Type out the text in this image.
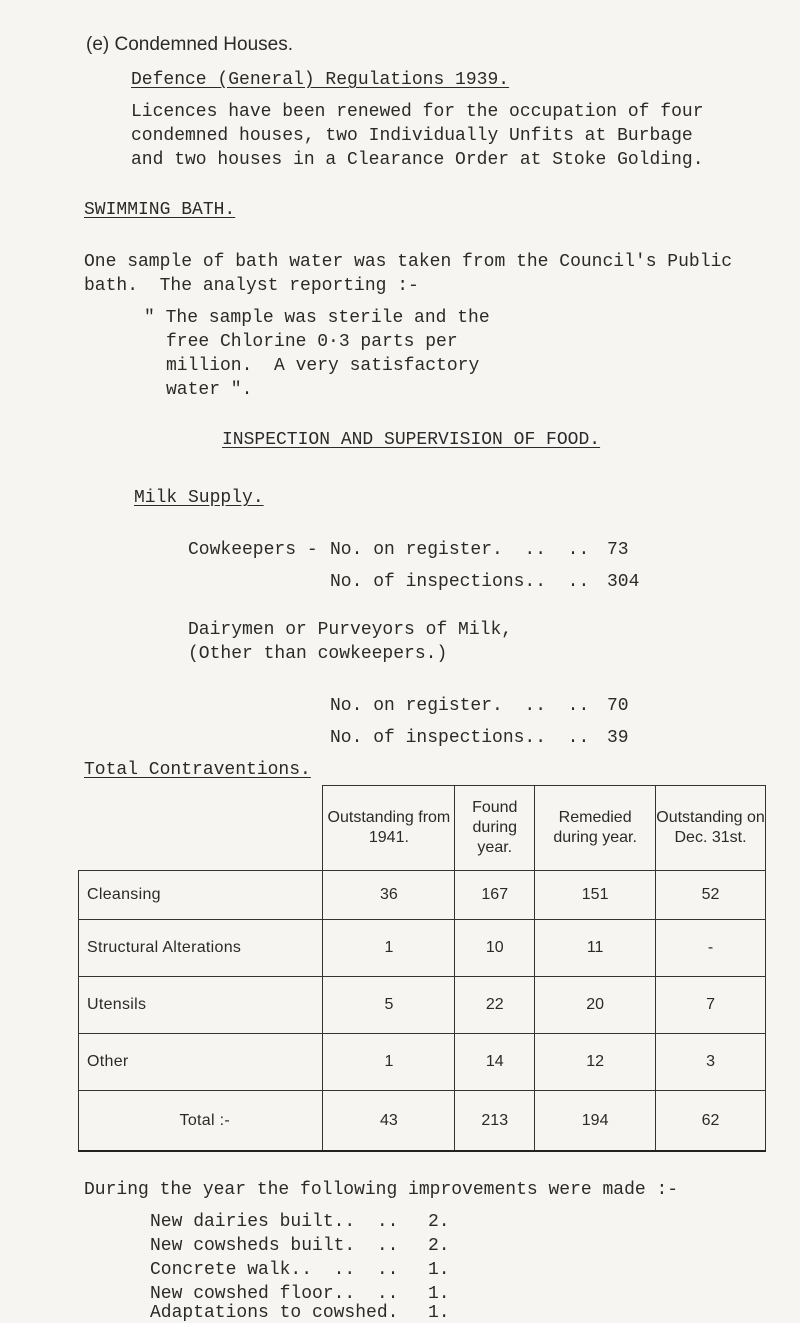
(e) Condemned Houses.
Defence (General) Regulations 1939.
Licences have been renewed for the occupation of four
condemned houses, two Individually Unfits at Burbage
and two houses in a Clearance Order at Stoke Golding.
SWIMMING BATH.
One sample of bath water was taken from the Council's Public
bath.  The analyst reporting :-
" The sample was sterile and the
free Chlorine 0·3 parts per
million.  A very satisfactory
water ".
INSPECTION AND SUPERVISION OF FOOD.
Milk Supply.
Cowkeepers - No. on register.  ..  .. 73
No. of inspections..  .. 304
Dairymen or Purveyors of Milk,
(Other than cowkeepers.)
No. on register.  ..  .. 70
No. of inspections..  .. 39
Total Contraventions.
	Outstanding from 1941.	Found during year.	Remedied during year.	Outstanding on Dec. 31st.
Cleansing	36	167	151	52
Structural Alterations	1	10	11	-
Utensils	5	22	20	7
Other	1	14	12	3
Total :-	43	213	194	62
During the year the following improvements were made :-
New dairies built..  .. 2.
New cowsheds built.  .. 2.
Concrete walk..  ..  .. 1.
New cowshed floor..  .. 1.
Adaptations to cowshed. 1.
